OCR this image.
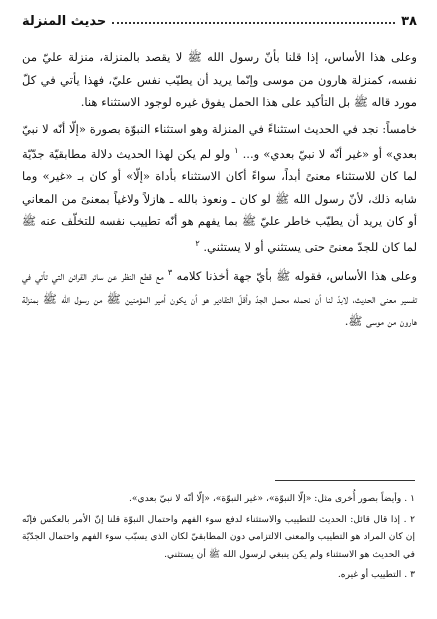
٣٨
حديث المنزلة

وعلى هذا الأساس، إذا قلنا بأنّ رسول الله ﷺ لا يقصد بالمنزلة، منزلة عليّ من نفسه، كمنزلة هارون من موسى وإنّما يريد أن يطيّب نفس عليّ، فهذا يأتي في كلّ مورد قاله ﷺ بل التأكيد على هذا الحمل يفوق غيره لوجود الاستثناء هنا.

خامساً: نجد في الحديث استثناءً في المنزلة وهو استثناء النبوّة بصورة «إلّا أنّه لا نبيّ بعدي» أو «غير أنّه لا نبيّ بعدي» و... $^١$ ولو لم يكن لهذا الحديث دلالة مطابقيّة جدّيّة لما كان للاستثناء معنىً أبداً، سواءً أكان الاستثناء بأداة «إلّا» أو كان بـ «غير» وما شابه ذلك، لأنّ رسول الله ﷺ لو كان ـ ونعوذ بالله ـ هازلاً ولاغياً بمعنىً من المعاني أو كان يريد أن يطيّب خاطر عليّ ﷺ بما يفهم هو أنّه تطييب نفسه للتخلّف عنه ﷺ لما كان للجدّ معنىً حتى يستثني أو لا يستثني. $^٢$

وعلى هذا الأساس، فقوله ﷺ بأيّ جهة أخذنا كلامه $^٣$ مع قطع النظر عن سائر القرائن التي تأتي في تفسير معنى الحديث، لابدّ لنا أن نحمله محمل الجدّ وأقلّ التقادير هو أن يكون أمير المؤمنين ﷺ من رسول الله ﷺ بمنزلة هارون من موسى ﷺ.

١ . وأيضاً بصور أُخرى مثل: «إلّا النبوّة»، «غير النبوّة»، «إلّا أنّه لا نبيّ بعدي».

٢ . إذا قال قائل: الحديث للتطييب والاستثناء لدفع سوء الفهم واحتمال النبوّة قلنا إنّ الأمر بالعكس فإنّه إن كان المراد هو التطييب والمعنى الالتزامي دون المطابقيّ لكان الذي يسبّب سوء الفهم واحتمال الجدّيّة في الحديث هو الاستثناء ولم يكن ينبغي لرسول الله ﷺ أن يستثني.

٣ . التطييب أو غيره.
